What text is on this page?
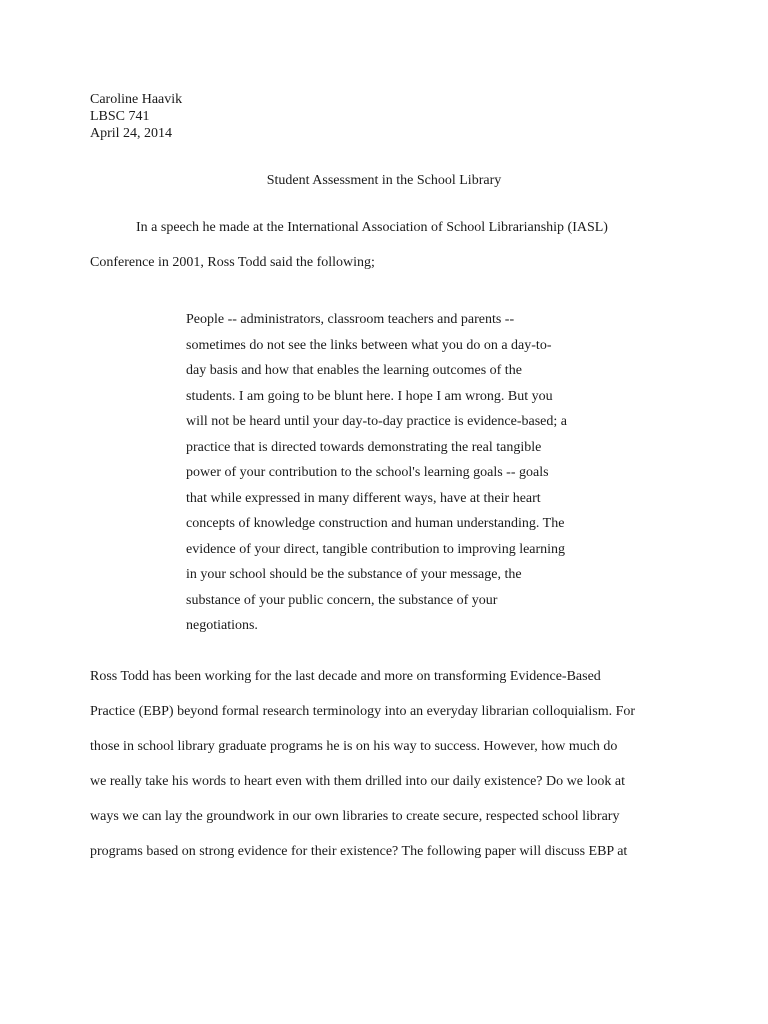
Caroline Haavik
LBSC 741
April 24, 2014
Student Assessment in the School Library
In a speech he made at the International Association of School Librarianship (IASL)
Conference in 2001, Ross Todd said the following;
People -- administrators, classroom teachers and parents --
sometimes do not see the links between what you do on a day-to-
day basis and how that enables the learning outcomes of the
students. I am going to be blunt here. I hope I am wrong. But you
will not be heard until your day-to-day practice is evidence-based; a
practice that is directed towards demonstrating the real tangible
power of your contribution to the school's learning goals -- goals
that while expressed in many different ways, have at their heart
concepts of knowledge construction and human understanding. The
evidence of your direct, tangible contribution to improving learning
in your school should be the substance of your message, the
substance of your public concern, the substance of your
negotiations.
Ross Todd has been working for the last decade and more on transforming Evidence-Based
Practice (EBP) beyond formal research terminology into an everyday librarian colloquialism. For
those in school library graduate programs he is on his way to success. However, how much do
we really take his words to heart even with them drilled into our daily existence? Do we look at
ways we can lay the groundwork in our own libraries to create secure, respected school library
programs based on strong evidence for their existence? The following paper will discuss EBP at
